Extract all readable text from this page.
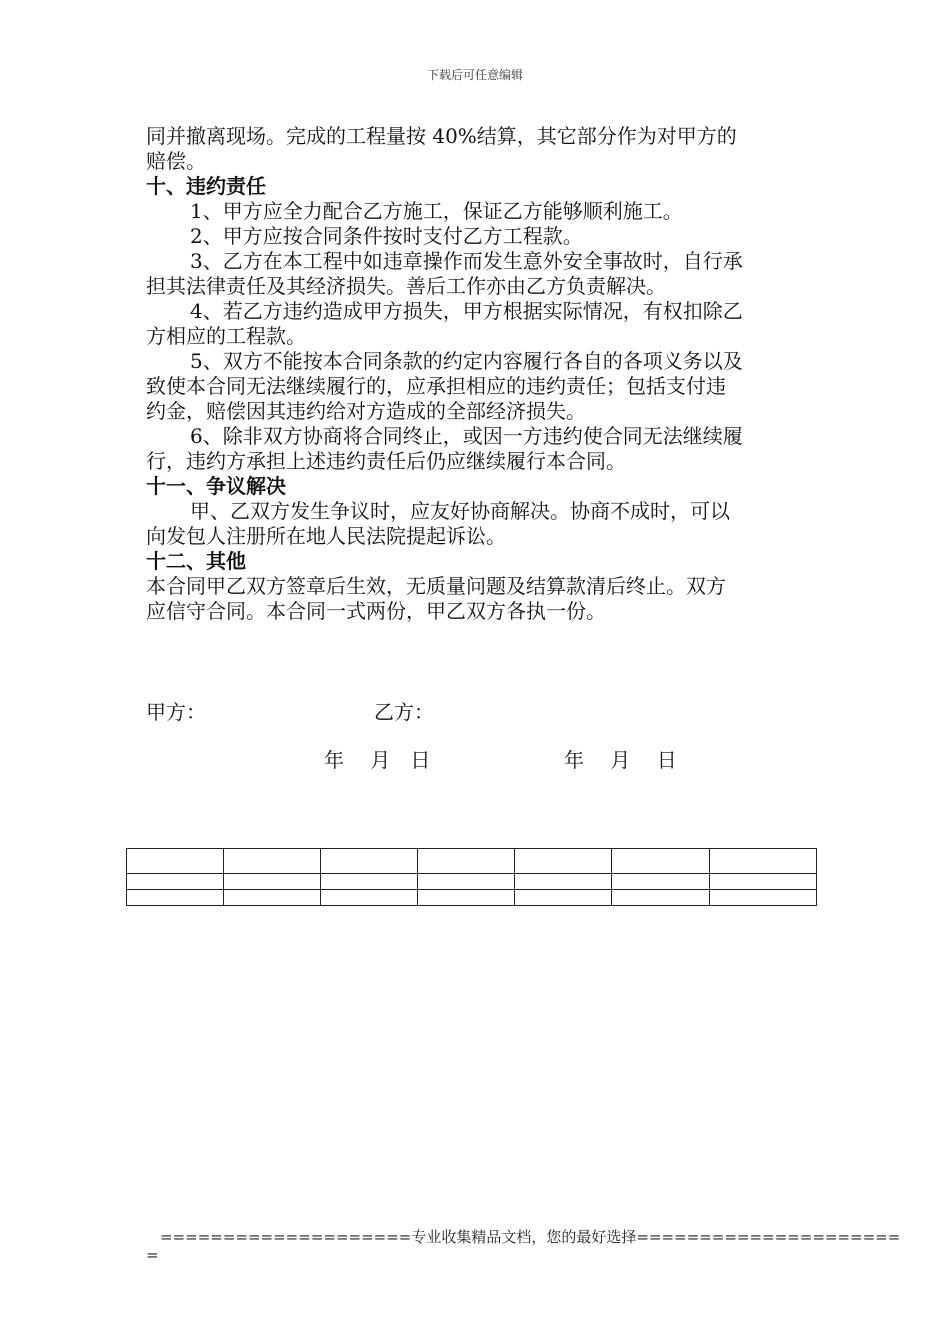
下载后可任意编辑
同并撤离现场。完成的工程量按 40%结算，其它部分作为对甲方的
赔偿。
十、违约责任
1、甲方应全力配合乙方施工，保证乙方能够顺利施工。
2、甲方应按合同条件按时支付乙方工程款。
3、乙方在本工程中如违章操作而发生意外安全事故时，自行承
担其法律责任及其经济损失。善后工作亦由乙方负责解决。
4、若乙方违约造成甲方损失，甲方根据实际情况，有权扣除乙
方相应的工程款。
5、双方不能按本合同条款的约定内容履行各自的各项义务以及
致使本合同无法继续履行的，应承担相应的违约责任；包括支付违
约金，赔偿因其违约给对方造成的全部经济损失。
6、除非双方协商将合同终止，或因一方违约使合同无法继续履
行，违约方承担上述违约责任后仍应继续履行本合同。
十一、争议解决
甲、乙双方发生争议时，应友好协商解决。协商不成时，可以
向发包人注册所在地人民法院提起诉讼。
十二、其他
本合同甲乙双方签章后生效，无质量问题及结算款清后终止。双方
应信守合同。本合同一式两份，甲乙双方各执一份。
甲方：	乙方：
年　 月　日	年　 月　 日

====================专业收集精品文档，您的最好选择=====================
=
